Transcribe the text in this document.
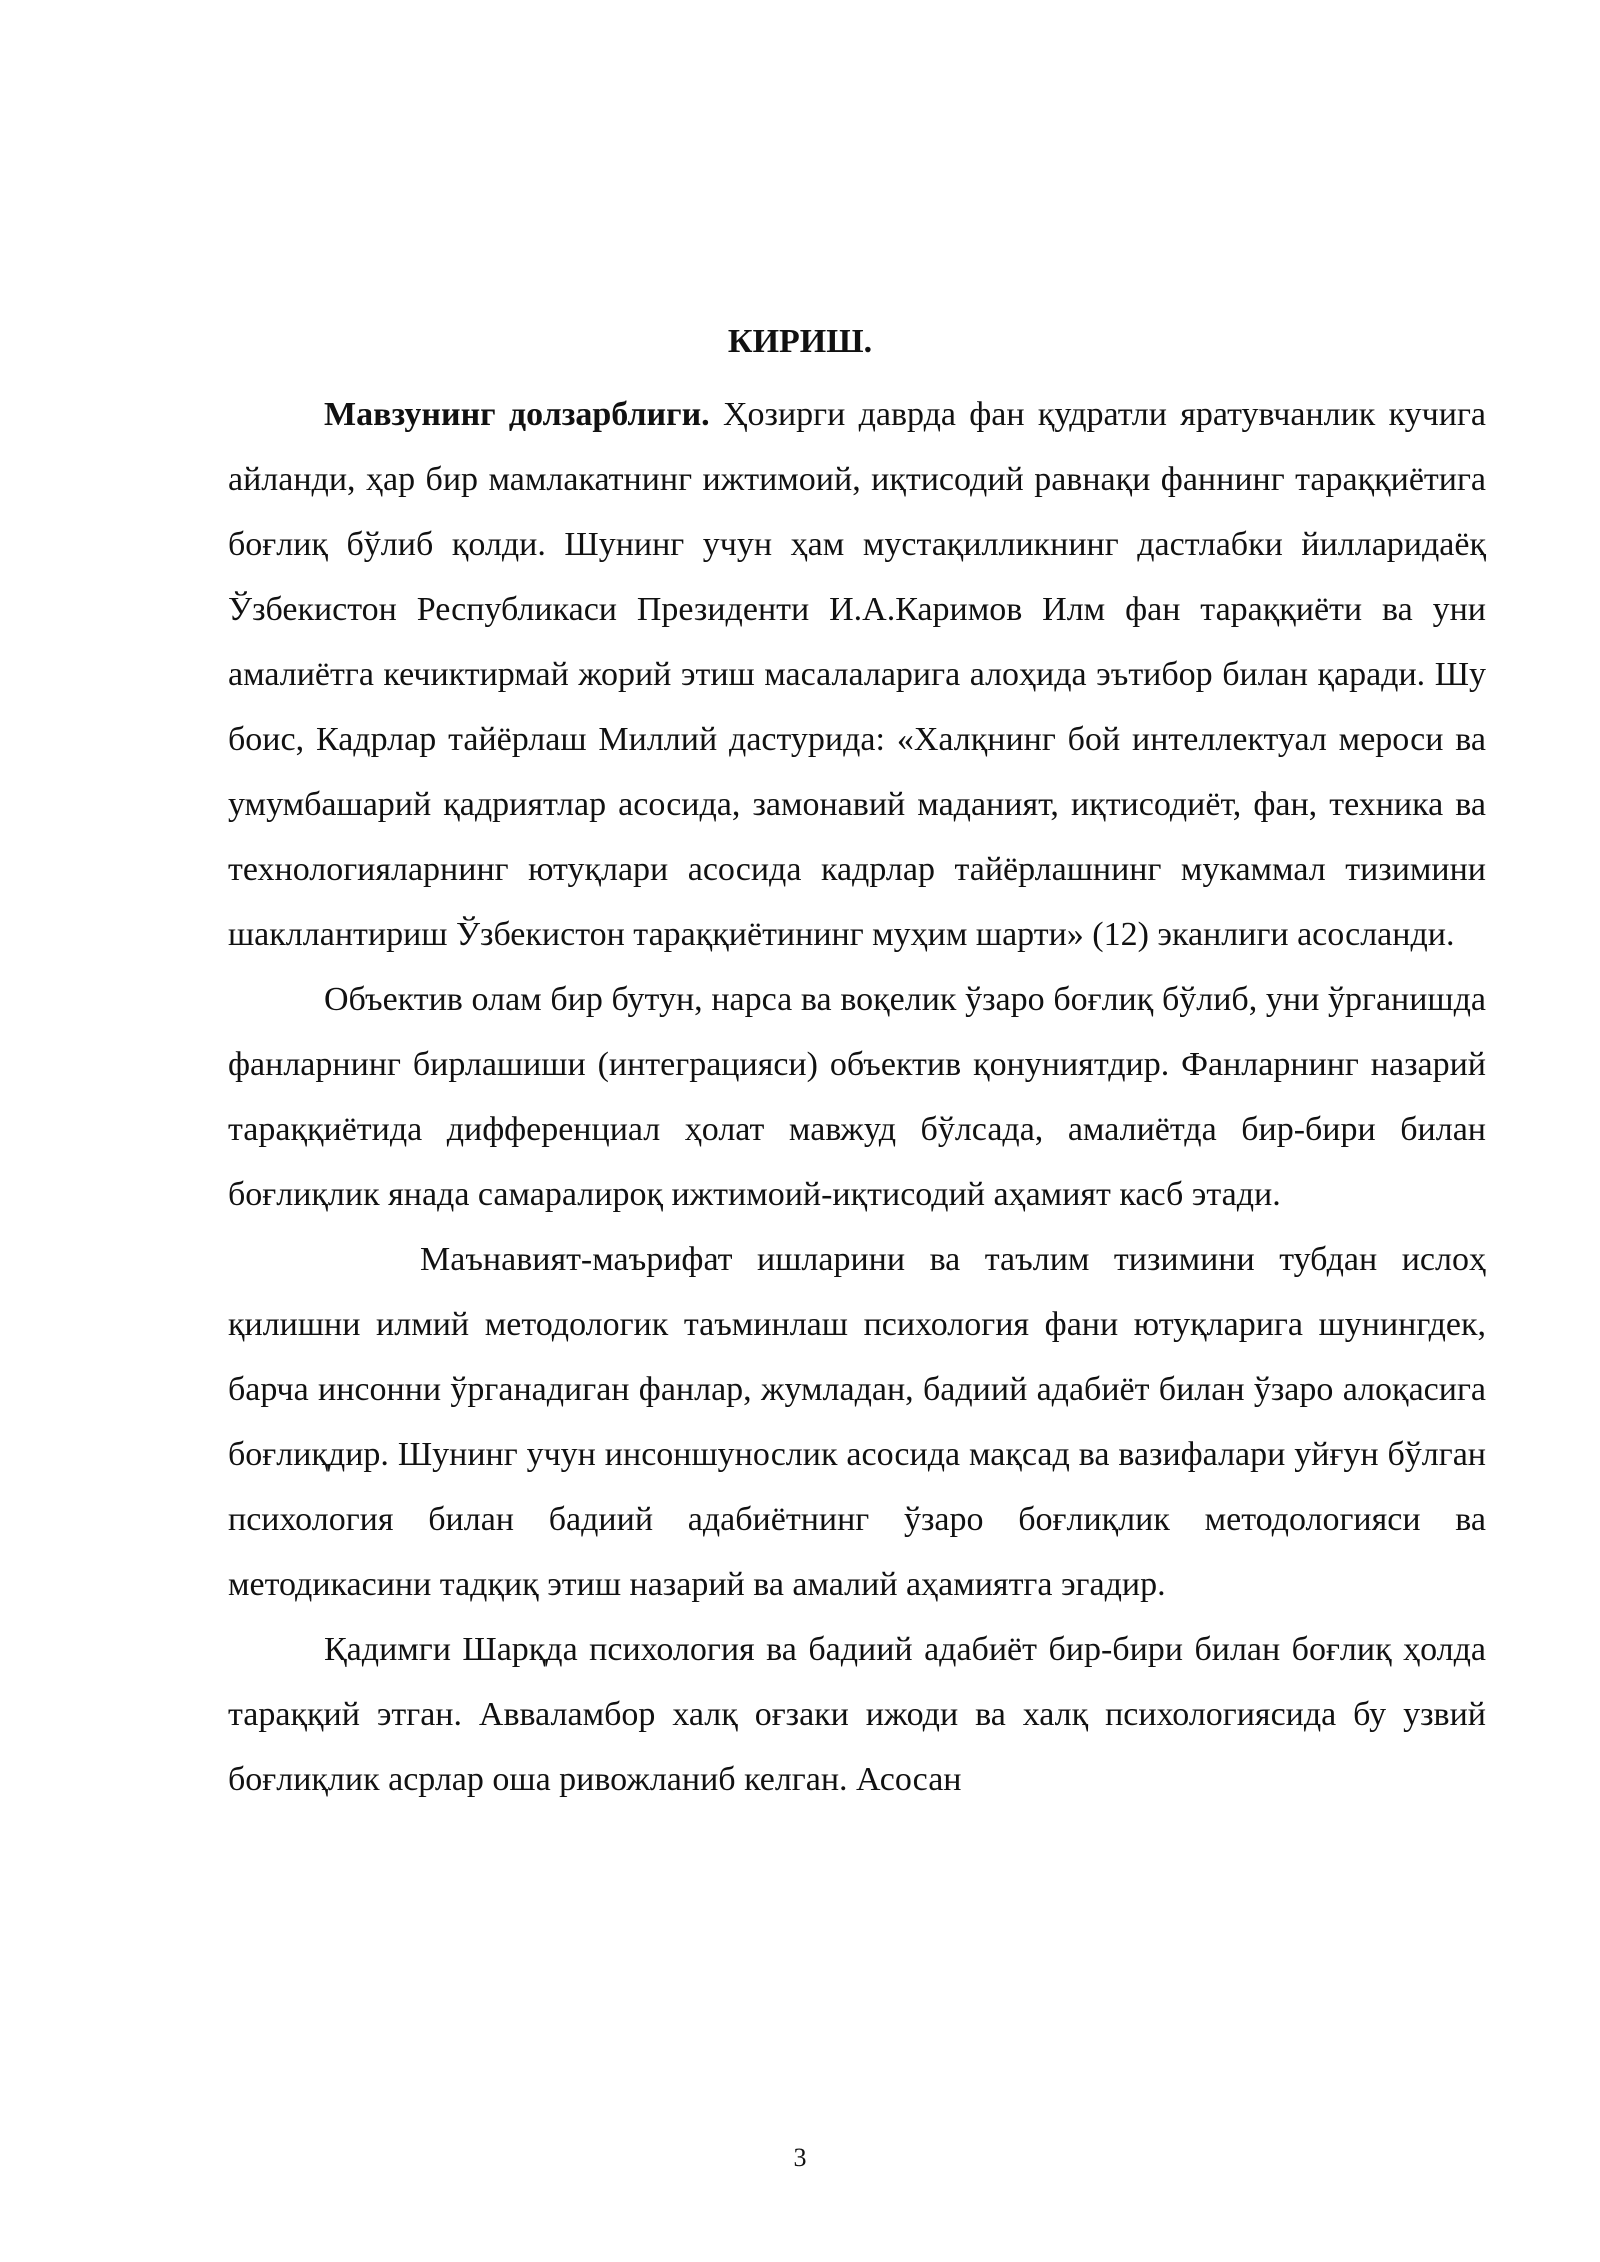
КИРИШ.

Мавзунинг долзарблиги. Ҳозирги даврда фан қудратли яратувчанлик кучига айланди, ҳар бир мамлакатнинг ижтимоий, иқтисодий равнақи фаннинг тараққиётига боғлиқ бўлиб қолди. Шунинг учун ҳам мустақилликнинг дастлабки йилларидаёқ Ўзбекистон Республикаси Президенти И.А.Каримов Илм фан тараққиёти ва уни амалиётга кечиктирмай жорий этиш масалаларига алоҳида эътибор билан қаради. Шу боис, Кадрлар тайёрлаш Миллий дастурида: «Халқнинг бой интеллектуал мероси ва умумбашарий қадриятлар асосида, замонавий маданият, иқтисодиёт, фан, техника ва технологияларнинг ютуқлари асосида кадрлар тайёрлашнинг мукаммал тизимини шакллантириш Ўзбекистон тараққиётининг муҳим шарти» (12) эканлиги асосланди.

Объектив олам бир бутун, нарса ва воқелик ўзаро боғлиқ бўлиб, уни ўрганишда фанларнинг бирлашиши (интеграцияси) объектив қонуниятдир. Фанларнинг назарий тараққиётида дифференциал ҳолат мавжуд бўлсада, амалиётда бир-бири билан боғлиқлик янада самаралироқ ижтимоий-иқтисодий аҳамият касб этади.

Маънавият-маърифат ишларини ва таълим тизимини тубдан ислоҳ қилишни илмий методологик таъминлаш психология фани ютуқларига шунингдек, барча инсонни ўрганадиган фанлар, жумладан, бадиий адабиёт билан ўзаро алоқасига боғлиқдир. Шунинг учун инсоншунослик асосида мақсад ва вазифалари уйғун бўлган психология билан бадиий адабиётнинг ўзаро боғлиқлик методологияси ва методикасини тадқиқ этиш назарий ва амалий аҳамиятга эгадир.

Қадимги Шарқда психология ва бадиий адабиёт бир-бири билан боғлиқ ҳолда тараққий этган. Авваламбор халқ оғзаки ижоди ва халқ психологиясида бу узвий боғлиқлик асрлар оша ривожланиб келган. Асосан

3
